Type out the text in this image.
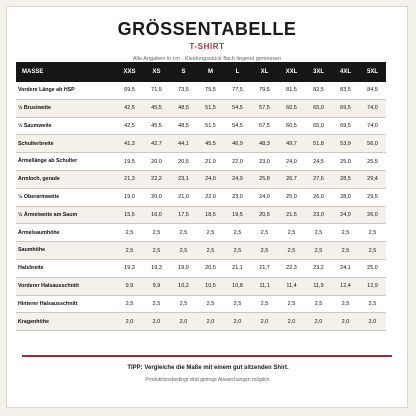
GRÖSSENTABELLE
T-SHIRT
Alle Angaben in cm · Kleidungsstück flach liegend gemessen
MASSE	XXS	XS	S	M	L	XL	XXL	3XL	4XL	5XL
Vordere Länge ab HSP	69,5	71,5	73,5	75,5	77,5	79,5	81,5	82,5	83,5	84,5
½ Brustweite	42,5	45,5	48,5	51,5	54,5	57,5	60,5	65,0	69,5	74,0
½ Saumweite	42,5	45,5	48,5	51,5	54,5	57,5	60,5	65,0	69,5	74,0
Schulterbreite	41,3	42,7	44,1	45,5	46,9	48,3	49,7	51,8	53,9	56,0
Ärmellänge ab Schulter	19,5	20,0	20,5	21,0	22,0	23,0	24,0	24,5	25,0	25,5
Armloch, gerade	21,3	22,2	23,1	24,0	24,9	25,8	26,7	27,6	28,5	29,4
½ Oberarmweite	19,0	20,0	21,0	22,0	23,0	24,0	25,0	26,0	28,0	29,5
½ Ärmelweite am Saum	15,5	16,0	17,5	18,5	19,5	20,5	21,5	23,0	24,0	26,0
Ärmelsaumhöhe	2,5	2,5	2,5	2,5	2,5	2,5	2,5	2,5	2,5	2,5
Saumhöhe	2,5	2,5	2,5	2,5	2,5	2,5	2,5	2,5	2,5	2,5
Halsbreite	19,3	19,3	19,9	20,5	21,1	21,7	22,3	23,2	24,1	25,0
Vorderer Halsausschnitt	9,9	9,9	10,2	10,5	10,8	11,1	11,4	11,9	12,4	12,9
Hinterer Halsausschnitt	2,5	2,5	2,5	2,5	2,5	2,5	2,5	2,5	2,5	2,5
Kragenhöhe	2,0	2,0	2,0	2,0	2,0	2,0	2,0	2,0	2,0	2,0
TIPP: Vergleiche die Maße mit einem gut sitzenden Shirt.
Produktionsbedingt sind geringe Abweichungen möglich.
